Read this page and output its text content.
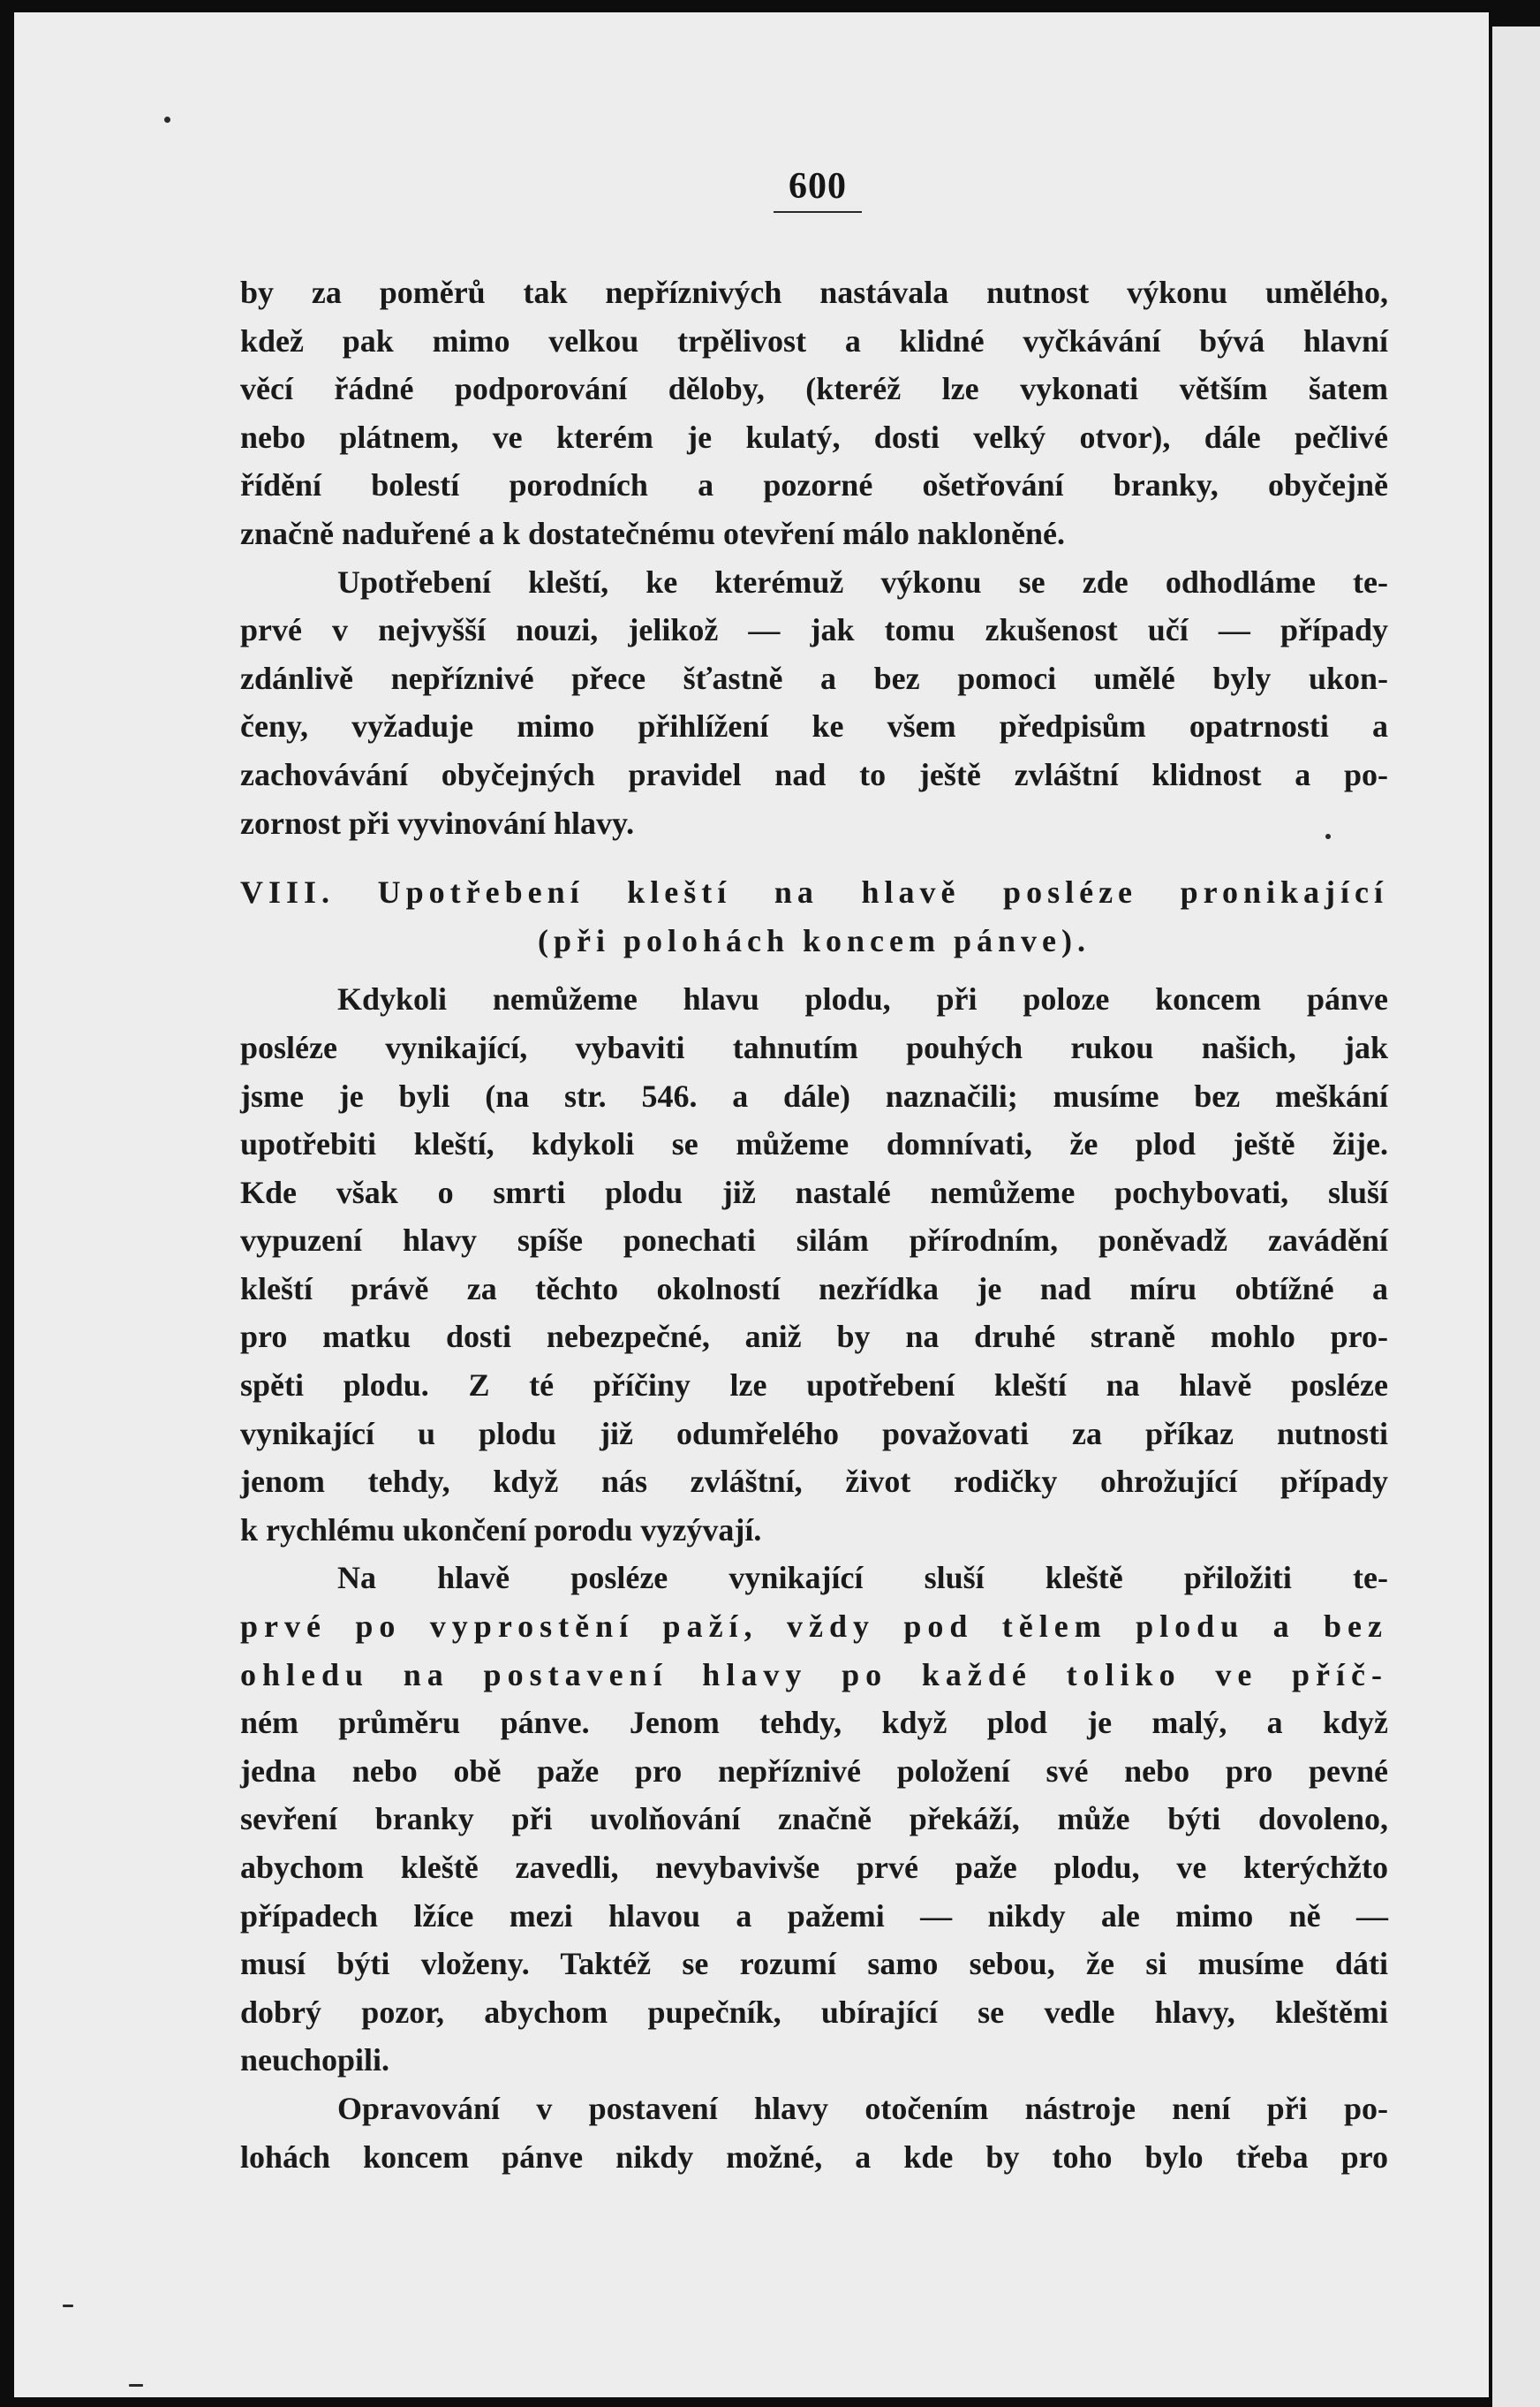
600
by za poměrů tak nepříznivých nastávala nutnost výkonu umělého,
kdež pak mimo velkou trpělivost a klidné vyčkávání bývá hlavní
věcí řádné podporování děloby, (kteréž lze vykonati větším šatem
nebo plátnem, ve kterém je kulatý, dosti velký otvor), dále pečlivé
řídění bolestí porodních a pozorné ošetřování branky, obyčejně
značně naduřené a k dostatečnému otevření málo nakloněné.
Upotřebení kleští, ke kterémuž výkonu se zde odhodláme te-
prvé v nejvyšší nouzi, jelikož — jak tomu zkušenost učí — případy
zdánlivě nepříznivé přece šťastně a bez pomoci umělé byly ukon-
čeny, vyžaduje mimo přihlížení ke všem předpisům opatrnosti a
zachovávání obyčejných pravidel nad to ještě zvláštní klidnost a po-
zornost při vyvinování hlavy.
VIII. Upotřebení kleští na hlavě posléze pronikající
(při polohách koncem pánve).
Kdykoli nemůžeme hlavu plodu, při poloze koncem pánve
posléze vynikající, vybaviti tahnutím pouhých rukou našich, jak
jsme je byli (na str. 546. a dále) naznačili; musíme bez meškání
upotřebiti kleští, kdykoli se můžeme domnívati, že plod ještě žije.
Kde však o smrti plodu již nastalé nemůžeme pochybovati, sluší
vypuzení hlavy spíše ponechati silám přírodním, poněvadž zavádění
kleští právě za těchto okolností nezřídka je nad míru obtížné a
pro matku dosti nebezpečné, aniž by na druhé straně mohlo pro-
spěti plodu. Z té příčiny lze upotřebení kleští na hlavě posléze
vynikající u plodu již odumřelého považovati za příkaz nutnosti
jenom tehdy, když nás zvláštní, život rodičky ohrožující případy
k rychlému ukončení porodu vyzývají.
Na hlavě posléze vynikající sluší kleště přiložiti te-
prvé po vyprostění paží, vždy pod tělem plodu a bez
ohledu na postavení hlavy po každé toliko ve příč-
ném průměru pánve. Jenom tehdy, když plod je malý, a když
jedna nebo obě paže pro nepříznivé položení své nebo pro pevné
sevření branky při uvolňování značně překáží, může býti dovoleno,
abychom kleště zavedli, nevybavivše prvé paže plodu, ve kterýchžto
případech lžíce mezi hlavou a pažemi — nikdy ale mimo ně —
musí býti vloženy. Taktéž se rozumí samo sebou, že si musíme dáti
dobrý pozor, abychom pupečník, ubírající se vedle hlavy, kleštěmi
neuchopili.
Opravování v postavení hlavy otočením nástroje není při po-
lohách koncem pánve nikdy možné, a kde by toho bylo třeba pro
